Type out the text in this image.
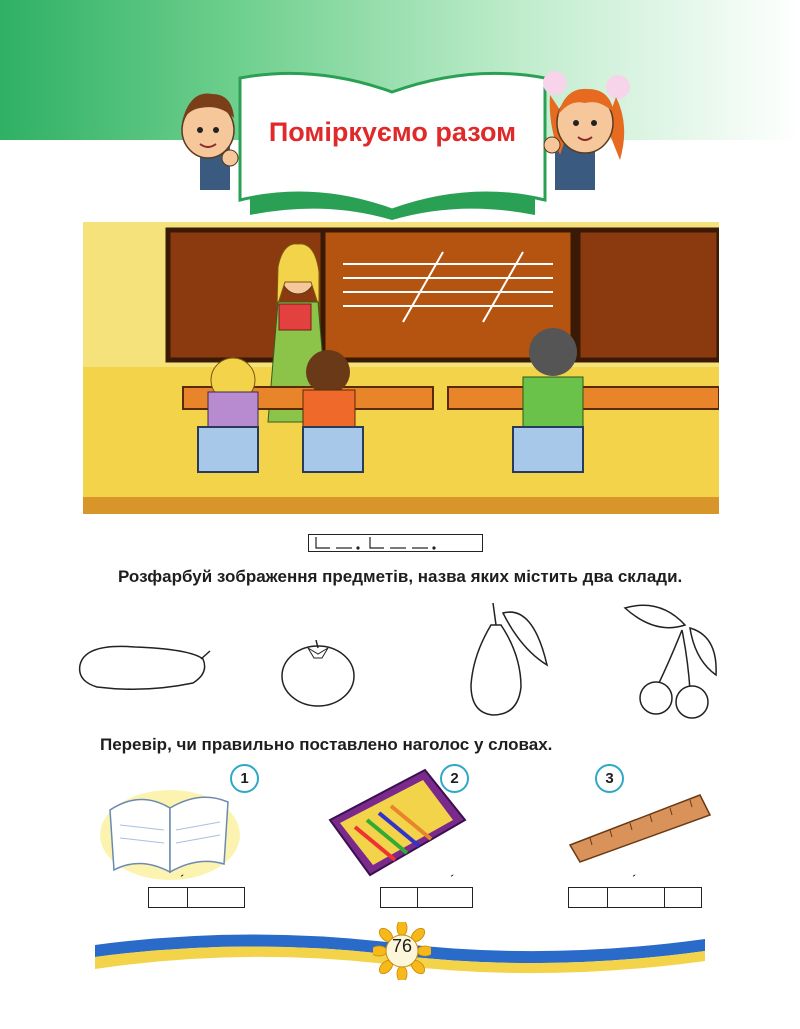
Поміркуємо разом
Розфарбуй зображення предметів, назва яких містить два склади.
Перевір, чи правильно поставлено наголос у словах.
1
ˊ
2
ˊ
3
ˊ
76
